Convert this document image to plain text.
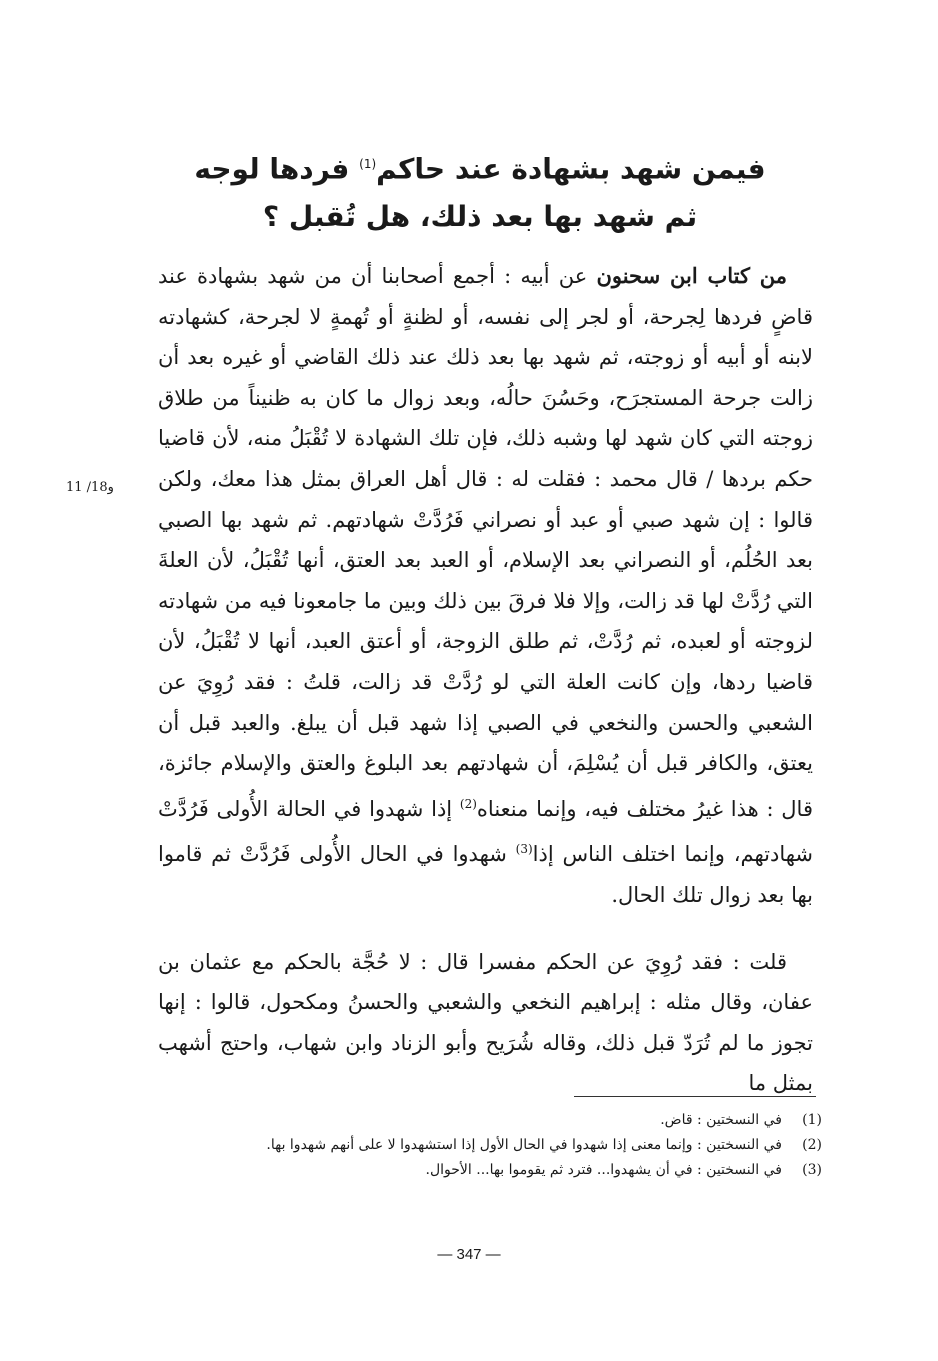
فيمن شهد بشهادة عند حاكم$^{(1)}$ فردها لوجه
ثم شهد بها بعد ذلك، هل تُقبل ؟
11 /18و

من كتاب ابن سحنون عن أبيه : أجمع أصحابنا أن من شهد بشهادة عند قاضٍ فردها لِجرحة، أو لجر إلى نفسه، أو لظنةٍ أو تُهمةٍ لا لجرحة، كشهادته لابنه أو أبيه أو زوجته، ثم شهد بها بعد ذلك عند ذلك القاضي أو غيره بعد أن زالت جرحة المستجرَح، وحَسُنَ حالُه، وبعد زوال ما كان به ظنيناً من طلاق زوجته التي كان شهد لها وشبه ذلك، فإن تلك الشهادة لا تُقْبَلُ منه، لأن قاضيا حكم بردها / قال محمد : فقلت له : قال أهل العراق بمثل هذا معك، ولكن قالوا : إن شهد صبي أو عبد أو نصراني فَرُدَّتْ شهادتهم. ثم شهد بها الصبي بعد الحُلُم، أو النصراني بعد الإسلام، أو العبد بعد العتق، أنها تُقْبَلُ، لأن العلةَ التي رُدَّتْ لها قد زالت، وإلا فلا فرقَ بين ذلك وبين ما جامعونا فيه من شهادته لزوجته أو لعبده، ثم رُدَّتْ، ثم طلق الزوجة، أو أعتق العبد، أنها لا تُقْبَلُ، لأن قاضيا ردها، وإن كانت العلة التي لو رُدَّتْ قد زالت، قلتُ : فقد رُوِيَ عن الشعبي والحسن والنخعي في الصبي إذا شهد قبل أن يبلغ. والعبد قبل أن يعتق، والكافر قبل أن يُسْلِمَ، أن شهادتهم بعد البلوغ والعتق والإسلام جائزة، قال : هذا غيرُ مختلف فيه، وإنما منعناه$^{(2)}$ إذا شهدوا في الحالة الأُولى فَرُدَّتْ شهادتهم، وإنما اختلف الناس إذا$^{(3)}$ شهدوا في الحال الأُولى فَرُدَّتْ ثم قاموا بها بعد زوال تلك الحال.

قلت : فقد رُوِيَ عن الحكم مفسرا قال : لا حُجَّة بالحكم مع عثمان بن عفان، وقال مثله : إبراهيم النخعي والشعبي والحسنُ ومكحول، قالوا : إنها تجوز ما لم تُرَدّ قبل ذلك، وقاله شُرَيح وأبو الزناد وابن شهاب، واحتج أشهب بمثل ما

(1)
في النسختين : قاض.
(2)
في النسختين : وإنما معنى إذا شهدوا في الحال الأول إذا استشهدوا لا على أنهم شهدوا بها.
(3)
في النسختين : في أن يشهدوا... فترد ثم يقوموا بها... الأحوال.
— 347 —
